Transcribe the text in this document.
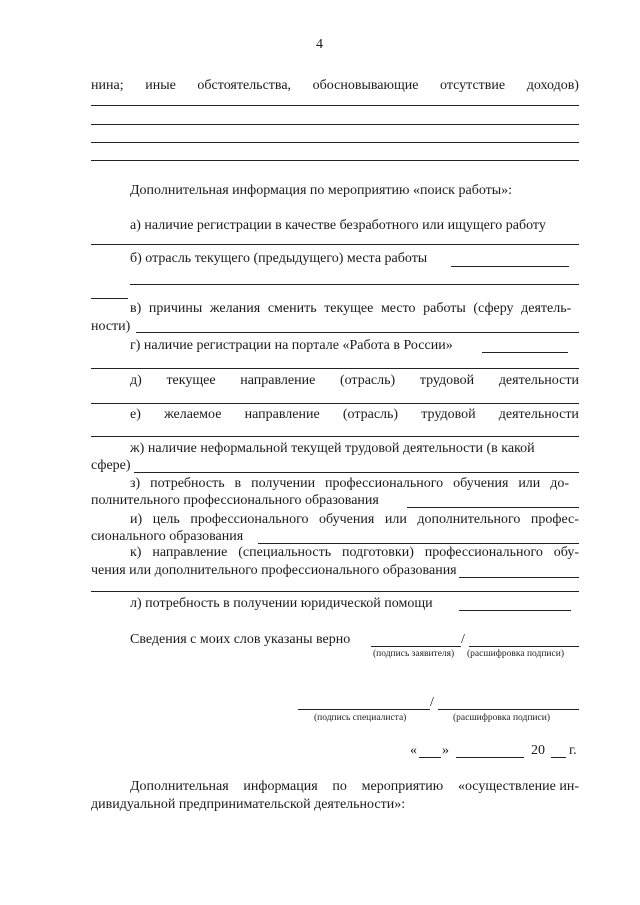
4
нина; иные обстоятельства, обосновывающие отсутствие доходов)
Дополнительная информация по мероприятию «поиск работы»:
а) наличие регистрации в качестве безработного или ищущего работу
б) отрасль текущего (предыдущего) места работы
в) причины желания сменить текущее место работы (сферу деятель-
ности)
г) наличие регистрации на портале «Работа в России»
д) текущее направление (отрасль) трудовой деятельности
е) желаемое направление (отрасль) трудовой деятельности
ж) наличие неформальной текущей трудовой деятельности (в какой
сфере)
з) потребность в получении профессионального обучения или до-
полнительного профессионального образования
и) цель профессионального обучения или дополнительного профес-
сионального образования
к) направление (специальность подготовки) профессионального обу-
чения или дополнительного профессионального образования
л) потребность в получении юридической помощи
Сведения с моих слов указаны верно	/
(подпись заявителя) (расшифровка подписи)
/
(подпись специалиста)	(расшифровка подписи)
« »	20 г.
Дополнительная информация по мероприятию «осуществление ин-
дивидуальной предпринимательской деятельности»:
